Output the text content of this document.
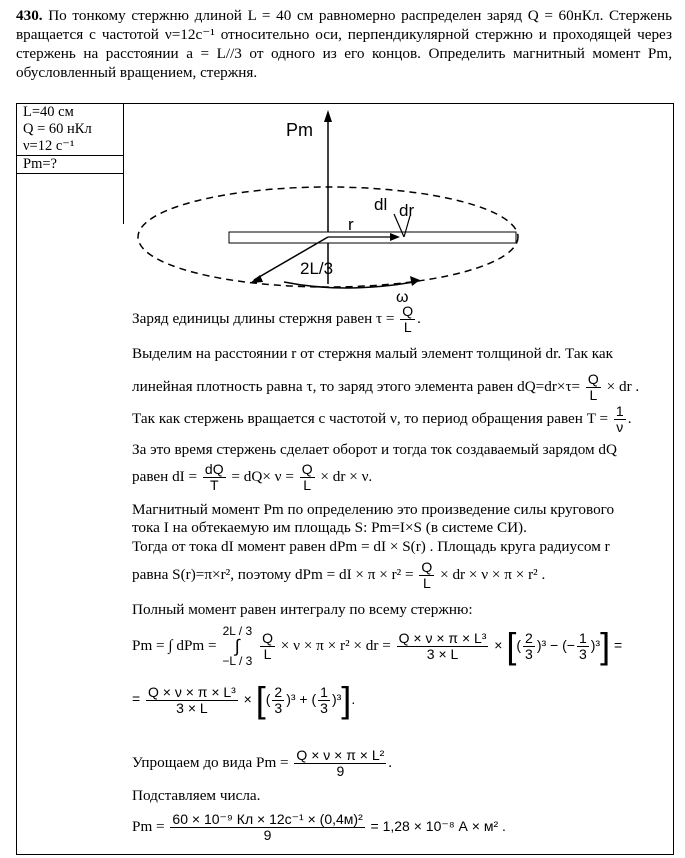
430. По тонкому стержню длиной L = 40 см равномерно распределен заряд Q = 60нКл. Стержень вращается с частотой ν=12с⁻¹ относительно оси, перпендикулярной стержню и проходящей через стержень на расстоянии a = L//3 от одного из его концов. Определить магнитный момент Pm, обусловленный вращением, стержня.
L=40 см
Q = 60 нКл
ν=12 с⁻¹
Pm=?
Pm
dl dr
r
2L/3
ω
Заряд единицы длины стержня равен $\tau = \frac{Q}{L}$ .
Выделим на расстоянии r от стержня малый элемент толщиной dr. Так как
линейная плотность равна τ, то заряд этого элемента равен $dQ=dr\times\tau= \frac{Q}{L}$ × dr .
Так как стержень вращается с частотой ν, то период обращения равен $T = \frac{1}{\nu}$ .
За это время стержень сделает оборот и тогда ток создаваемый зарядом dQ
равен dI = $\frac{dQ}{T} = dQ\times \nu = \frac{Q}{L}$ × dr × ν.
Магнитный момент Pm по определению это произведение силы кругового
тока I на обтекаемую им площадь S: Pm=I×S (в системе СИ).
Тогда от тока dI момент равен dPm = dI × S(r) . Площадь круга радиусом r
равна S(r)=π×r², поэтому dPm = dI × $\pi \times r^2 = \frac{Q}{L}$ × dr × ν × π × r² .
Полный момент равен интегралу по всему стержню:
Pm = ∫ dPm =
2L / 3
∫
−L / 3
$\frac{Q}{L} \times \nu \times \pi \times r^2$ × dr = $\frac{\text{Q × ν × π × L³}}{3 \times L}$ × [( $\frac{2}{3} )^3$ − (− $\frac{1}{3} )^3$] =
= $\frac{\text{Q × ν × π × L³}}{3 \times L}$ × [( $\frac{2}{3} )^3$ + ( $\frac{1}{3} )^3$].
Упрощаем до вида $Pm = \frac{\text{Q × ν × π × L²}}{9}$ .
Подставляем числа.
$Pm = \frac{\text{60 × 10⁻⁹ Кл × 12с⁻¹ × (0,4м)²}}{9} = 1,28 \times 10^{-8}$ А × м² .
